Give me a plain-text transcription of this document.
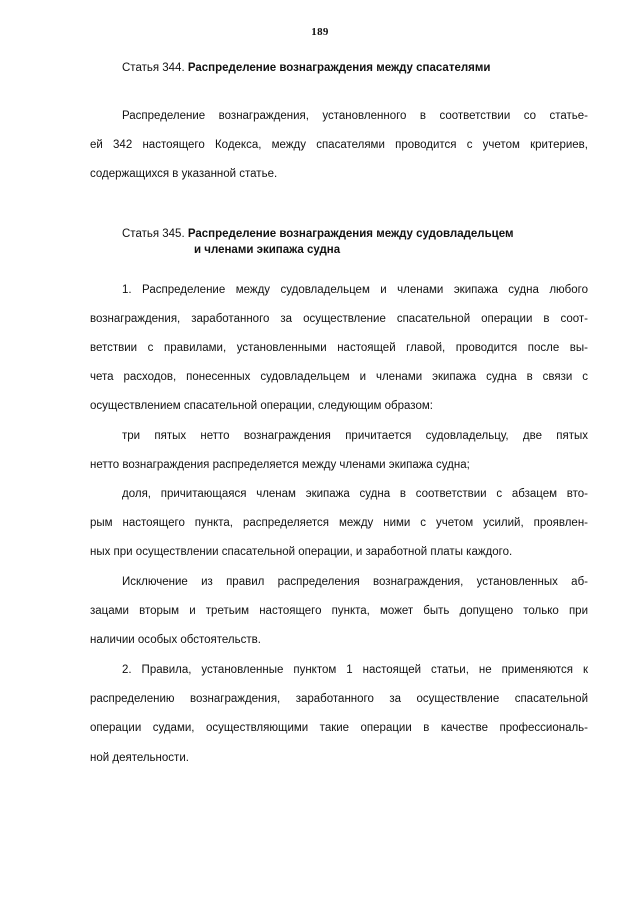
189
Статья 344. Распределение вознаграждения между спасателями
Распределение вознаграждения, установленного в соответствии со статье-
ей 342 настоящего Кодекса, между спасателями проводится с учетом критериев,
содержащихся в указанной статье.
Статья 345. Распределение вознаграждения между судовладельцем
и членами экипажа судна
1. Распределение между судовладельцем и членами экипажа судна любого
вознаграждения, заработанного за осуществление спасательной операции в соот-
ветствии с правилами, установленными настоящей главой, проводится после вы-
чета расходов, понесенных судовладельцем и членами экипажа судна в связи с
осуществлением спасательной операции, следующим образом:
три пятых нетто вознаграждения причитается судовладельцу, две пятых
нетто вознаграждения распределяется между членами экипажа судна;
доля, причитающаяся членам экипажа судна в соответствии с абзацем вто-
рым настоящего пункта, распределяется между ними с учетом усилий, проявлен-
ных при осуществлении спасательной операции, и заработной платы каждого.
Исключение из правил распределения вознаграждения, установленных аб-
зацами вторым и третьим настоящего пункта, может быть допущено только при
наличии особых обстоятельств.
2. Правила, установленные пунктом 1 настоящей статьи, не применяются к
распределению вознаграждения, заработанного за осуществление спасательной
операции судами, осуществляющими такие операции в качестве профессиональ-
ной деятельности.
